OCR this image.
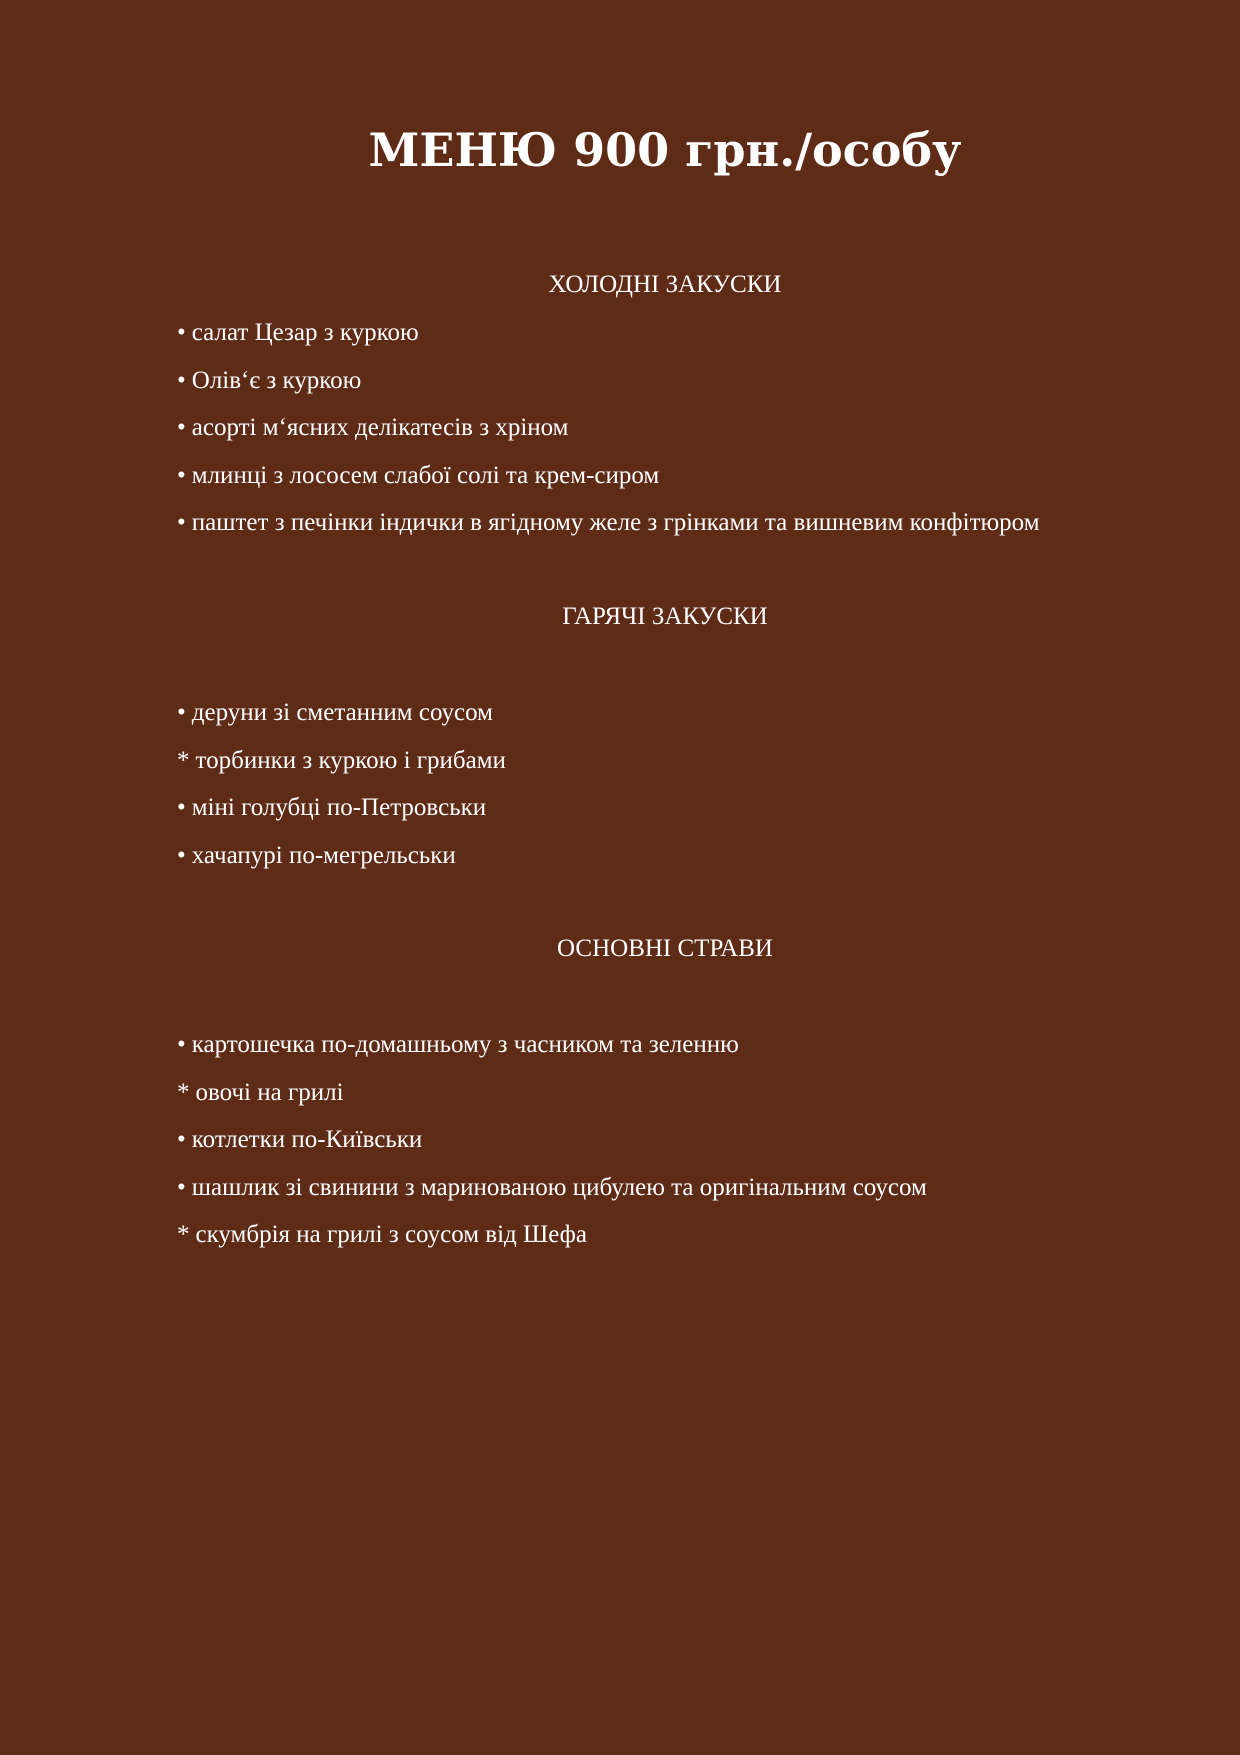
МЕНЮ 900 грн./особу
ХОЛОДНІ ЗАКУСКИ
• салат Цезар з куркою
• Олів‘є з куркою
• асорті м‘ясних делікатесів з хріном
• млинці з лососем слабої солі та крем-сиром
• паштет з печінки індички в ягідному желе з грінками та вишневим конфітюром
ГАРЯЧІ ЗАКУСКИ
• деруни зі сметанним соусом
* торбинки з куркою і грибами
• міні голубці по-Петровськи
• хачапурі по-мегрельськи
ОСНОВНІ СТРАВИ
• картошечка по-домашньому з часником та зеленню
* овочі на грилі
• котлетки по-Київськи
• шашлик зі свинини з маринованою цибулею та оригінальним соусом
* скумбрія на грилі з соусом від Шефа
